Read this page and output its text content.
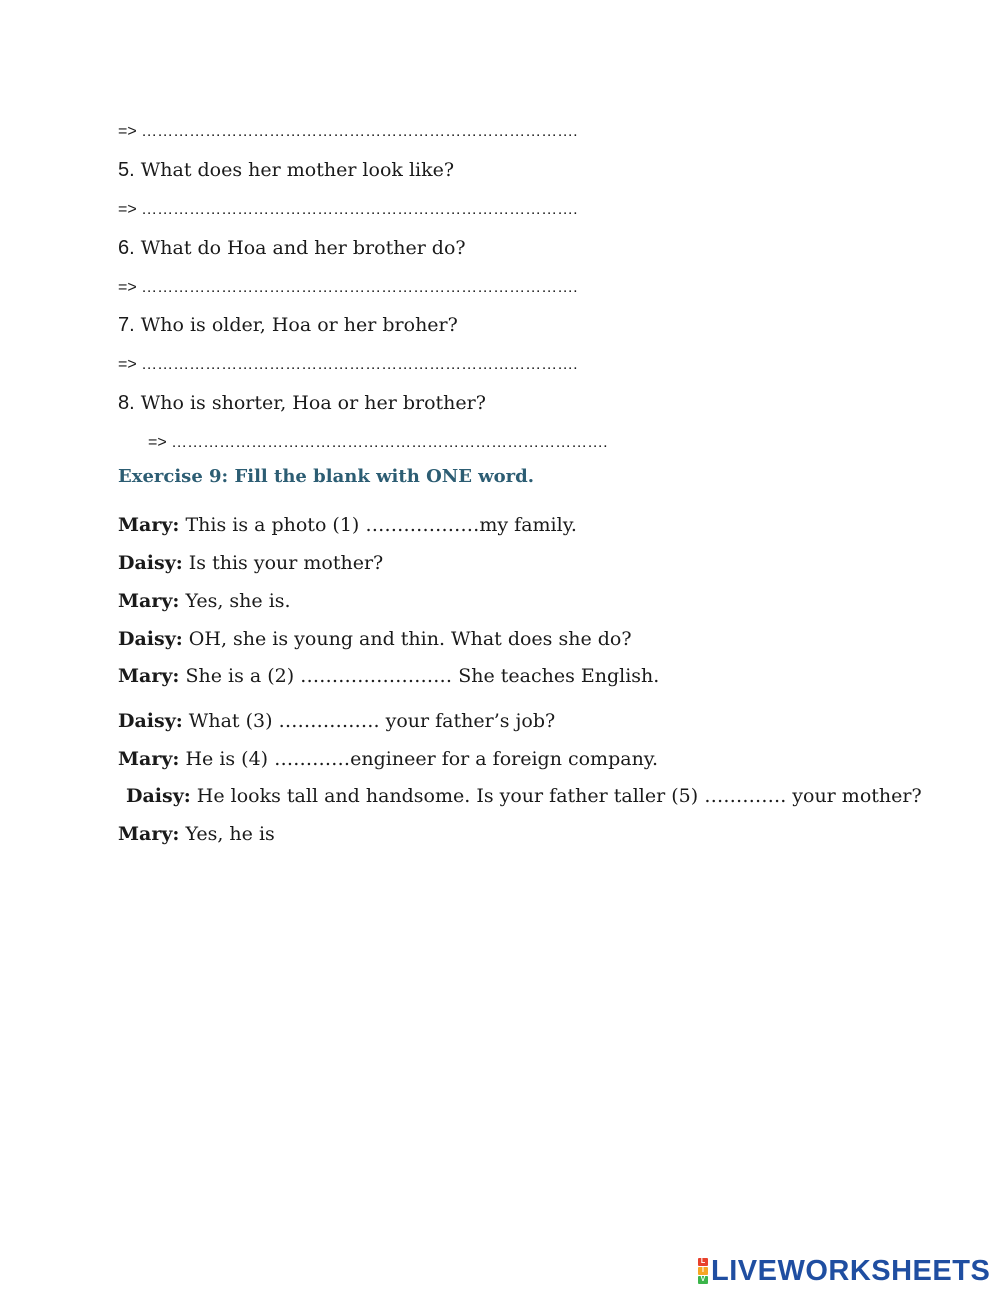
=> ……………………………………………………………………….
5. What does her mother look like?
=> ……………………………………………………………………….
6. What do Hoa and her brother do?
=> ……………………………………………………………………….
7. Who is older, Hoa or her broher?
=> ……………………………………………………………………….
8. Who is shorter, Hoa or her brother?
=> ……………………………………………………………………….
Exercise 9: Fill the blank with ONE word.
Mary: This is a photo (1) ………………my family.
Daisy: Is this your mother?
Mary: Yes, she is.
Daisy: OH, she is young and thin. What does she do?
Mary: She is a (2) …………………… She teaches English.
Daisy: What (3) ……………. your father’s job?
Mary: He is (4) …………engineer for a foreign company.
Daisy: He looks tall and handsome. Is your father taller (5) …………. your mother?
Mary: Yes, he is
L
I
V LIVEWORKSHEETS
